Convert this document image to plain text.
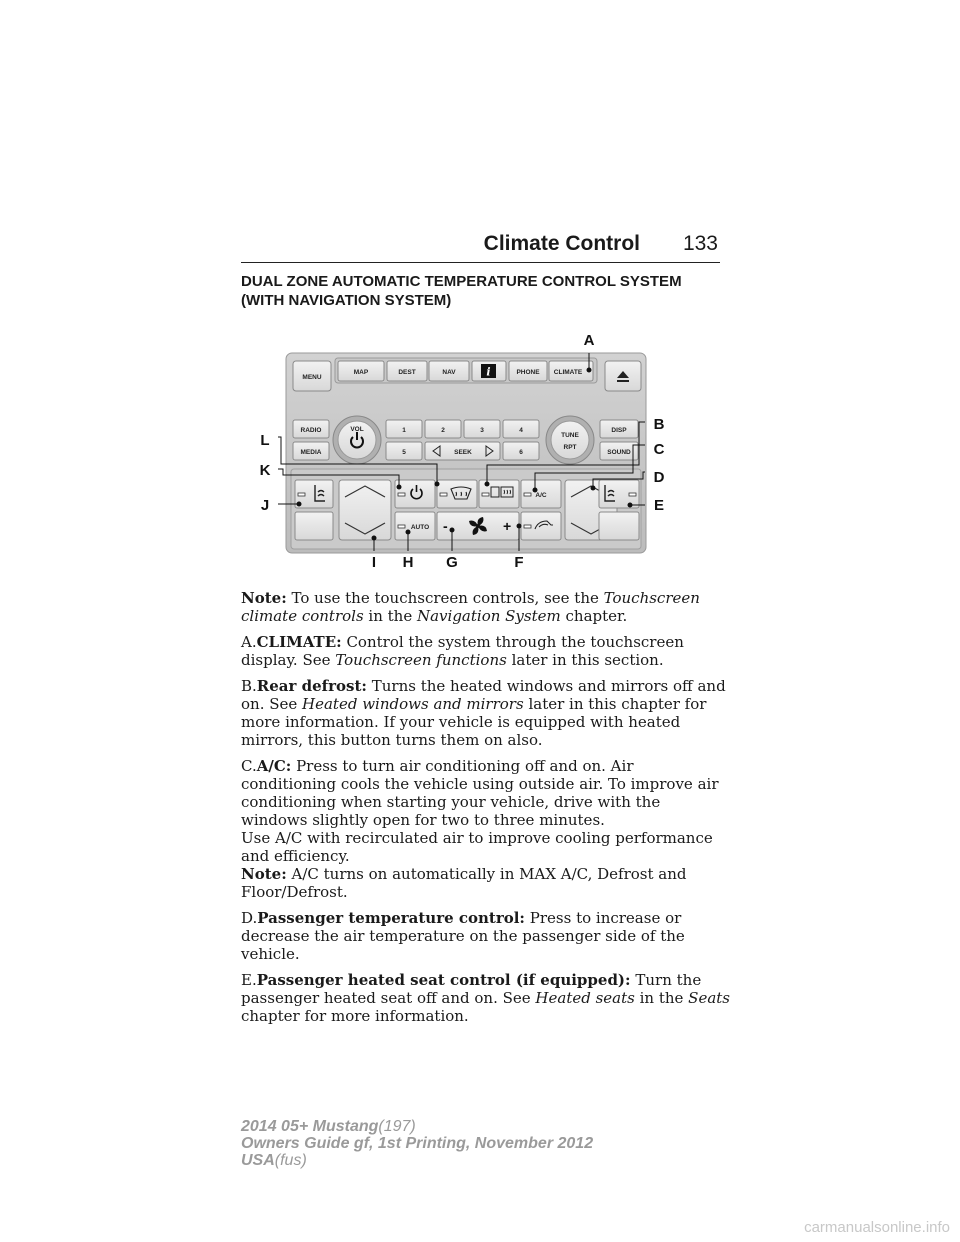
Climate Control 133
DUAL ZONE AUTOMATIC TEMPERATURE CONTROL SYSTEM (WITH NAVIGATION SYSTEM)
MENU
MAP	DEST	NAV	i	PHONE CLIMATE
RADIO
MEDIA
VOL	1	2	3	4
5	SEEK	6
TUNE
RPT
DISP
SOUND
AUTO -	+
A/C
A
B
C
D
E
L
K
J
I H G	F

Note: To use the touchscreen controls, see the Touchscreen climate controls in the Navigation System chapter.

A.CLIMATE: Control the system through the touchscreen display. See Touchscreen functions later in this section.

B.Rear defrost: Turns the heated windows and mirrors off and on. See Heated windows and mirrors later in this chapter for more information. If your vehicle is equipped with heated mirrors, this button turns them on also.

C.A/C: Press to turn air conditioning off and on. Air conditioning cools the vehicle using outside air. To improve air conditioning when starting your vehicle, drive with the windows slightly open for two to three minutes.
Use A/C with recirculated air to improve cooling performance and efficiency.
Note: A/C turns on automatically in MAX A/C, Defrost and Floor/Defrost.

D.Passenger temperature control: Press to increase or decrease the air temperature on the passenger side of the vehicle.

E.Passenger heated seat control (if equipped): Turn the passenger heated seat off and on. See Heated seats in the Seats chapter for more information.

2014 05+ Mustang(197)
Owners Guide gf, 1st Printing, November 2012
USA(fus)
carmanualsonline.info
